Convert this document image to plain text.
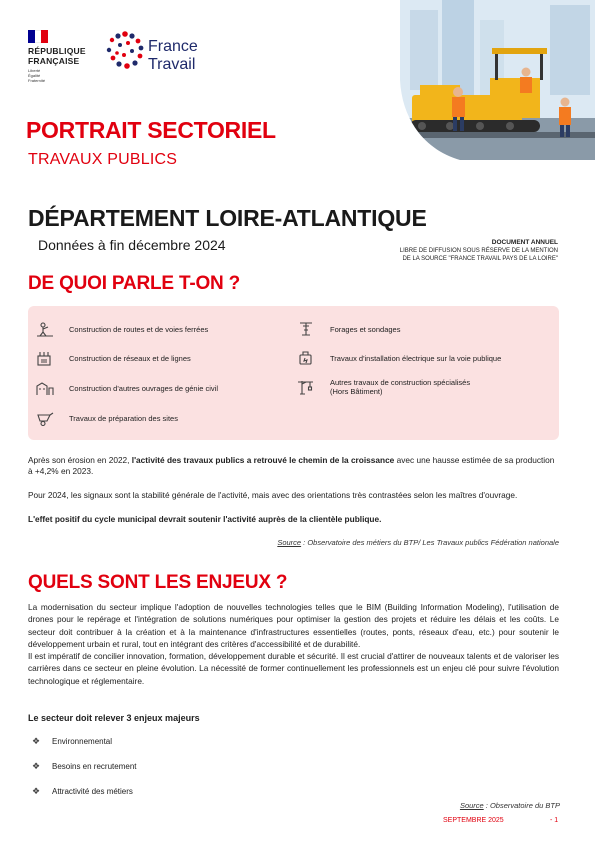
RÉPUBLIQUE
FRANÇAISE
Liberté
Égalité
Fraternité
France
Travail
PORTRAIT SECTORIEL
TRAVAUX PUBLICS
DÉPARTEMENT LOIRE-ATLANTIQUE
Données à fin décembre 2024	DOCUMENT ANNUEL
LIBRE DE DIFFUSION SOUS RÉSERVE DE LA MENTION
DE LA SOURCE "FRANCE TRAVAIL PAYS DE LA LOIRE"
DE QUOI PARLE T-ON ?
Construction de routes et de voies ferrées
Construction de réseaux et de lignes
Construction d'autres ouvrages de génie civil
Travaux de préparation des sites
Forages et sondages
Travaux d'installation électrique sur la voie publique
Autres travaux de construction spécialisés
(Hors Bâtiment)
Après son érosion en 2022, l'activité des travaux publics a retrouvé le chemin de la croissance avec une hausse estimée de sa production à +4,2% en 2023.
Pour 2024, les signaux sont la stabilité générale de l'activité, mais avec des orientations très contrastées selon les maîtres d'ouvrage.
L'effet positif du cycle municipal devrait soutenir l'activité auprès de la clientèle publique.
Source : Observatoire des métiers du BTP/ Les Travaux publics Fédération nationale
QUELS SONT LES ENJEUX ?
La modernisation du secteur implique l'adoption de nouvelles technologies telles que le BIM (Building Information Modeling), l'utilisation de drones pour le repérage et l'intégration de solutions numériques pour optimiser la gestion des projets et réduire les délais et les coûts. Le secteur doit contribuer à la création et à la maintenance d'infrastructures essentielles (routes, ponts, réseaux d'eau, etc.) pour soutenir le développement urbain et rural, tout en intégrant des critères d'accessibilité et de durabilité.
Il est impératif de concilier innovation, formation, développement durable et sécurité. Il est crucial d'attirer de nouveaux talents et de valoriser les carrières dans ce secteur en pleine évolution. La nécessité de former continuellement les professionnels est un enjeu clé pour suivre l'évolution technologique et réglementaire.
Le secteur doit relever 3 enjeux majeurs
❖	Environnemental
❖	Besoins en recrutement
❖	Attractivité des métiers
Source : Observatoire du BTP
SEPTEMBRE 2025	- 1
